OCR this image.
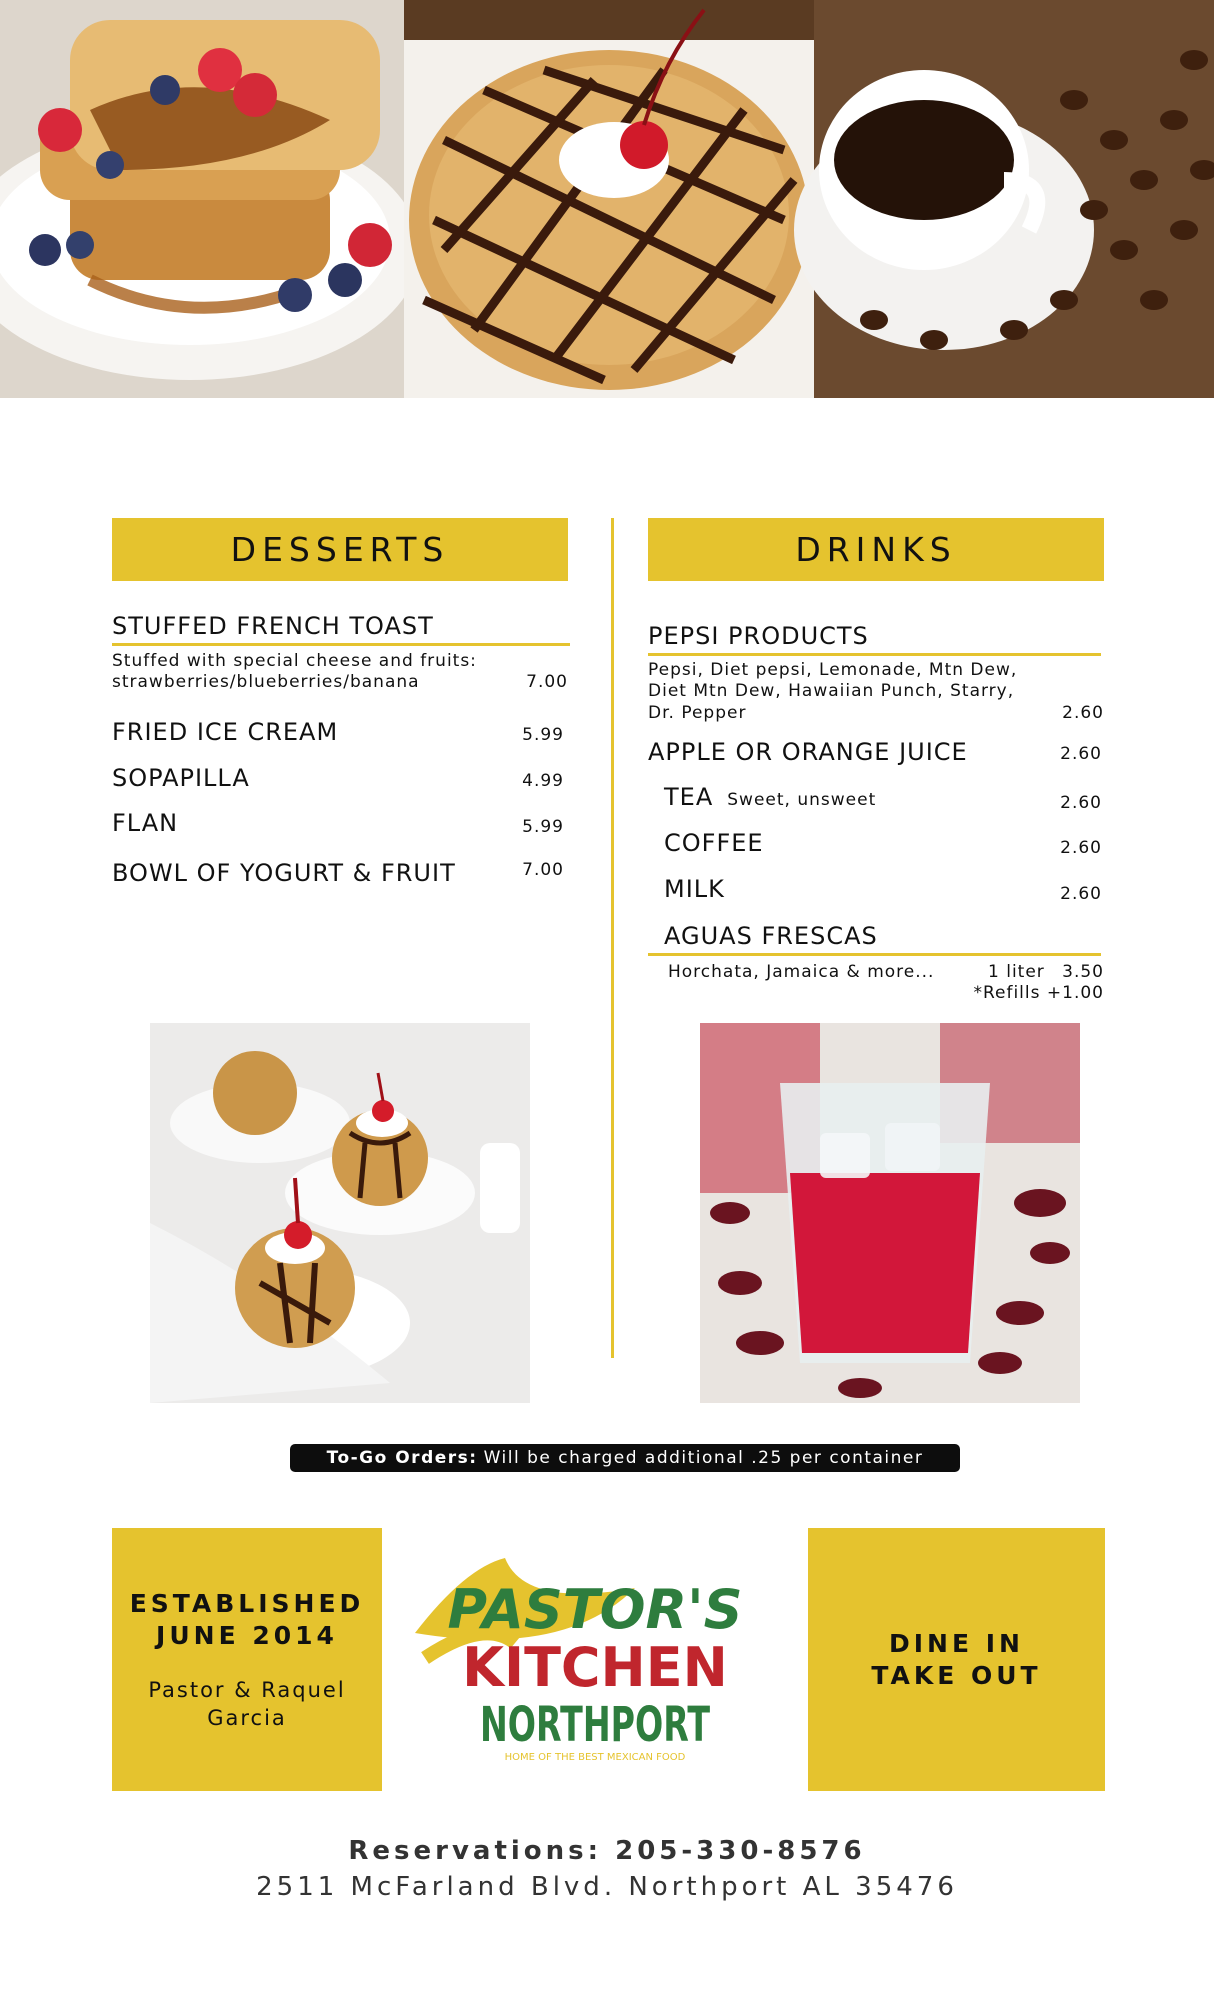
DESSERTS	DRINKS
STUFFED FRENCH TOAST
Stuffed with special cheese and fruits:
strawberries/blueberries/banana	7.00
FRIED ICE CREAM	5.99
SOPAPILLA	4.99
FLAN	5.99
BOWL OF YOGURT & FRUIT	7.00
PEPSI PRODUCTS
Pepsi, Diet pepsi, Lemonade, Mtn Dew,
Diet Mtn Dew, Hawaiian Punch, Starry,
Dr. Pepper	2.60
APPLE OR ORANGE JUICE	2.60
TEA Sweet, unsweet	2.60
COFFEE	2.60
MILK	2.60
AGUAS FRESCAS
Horchata, Jamaica & more...	1 liter 3.50
*Refills +1.00
To-Go Orders: Will be charged additional .25 per container
ESTABLISHED
JUNE 2014
Pastor & Raquel
Garcia
PASTOR'S
KITCHEN
NORTHPORT
HOME OF THE BEST MEXICAN FOOD
DINE IN
TAKE OUT
Reservations: 205-330-8576
2511 McFarland Blvd. Northport AL 35476
